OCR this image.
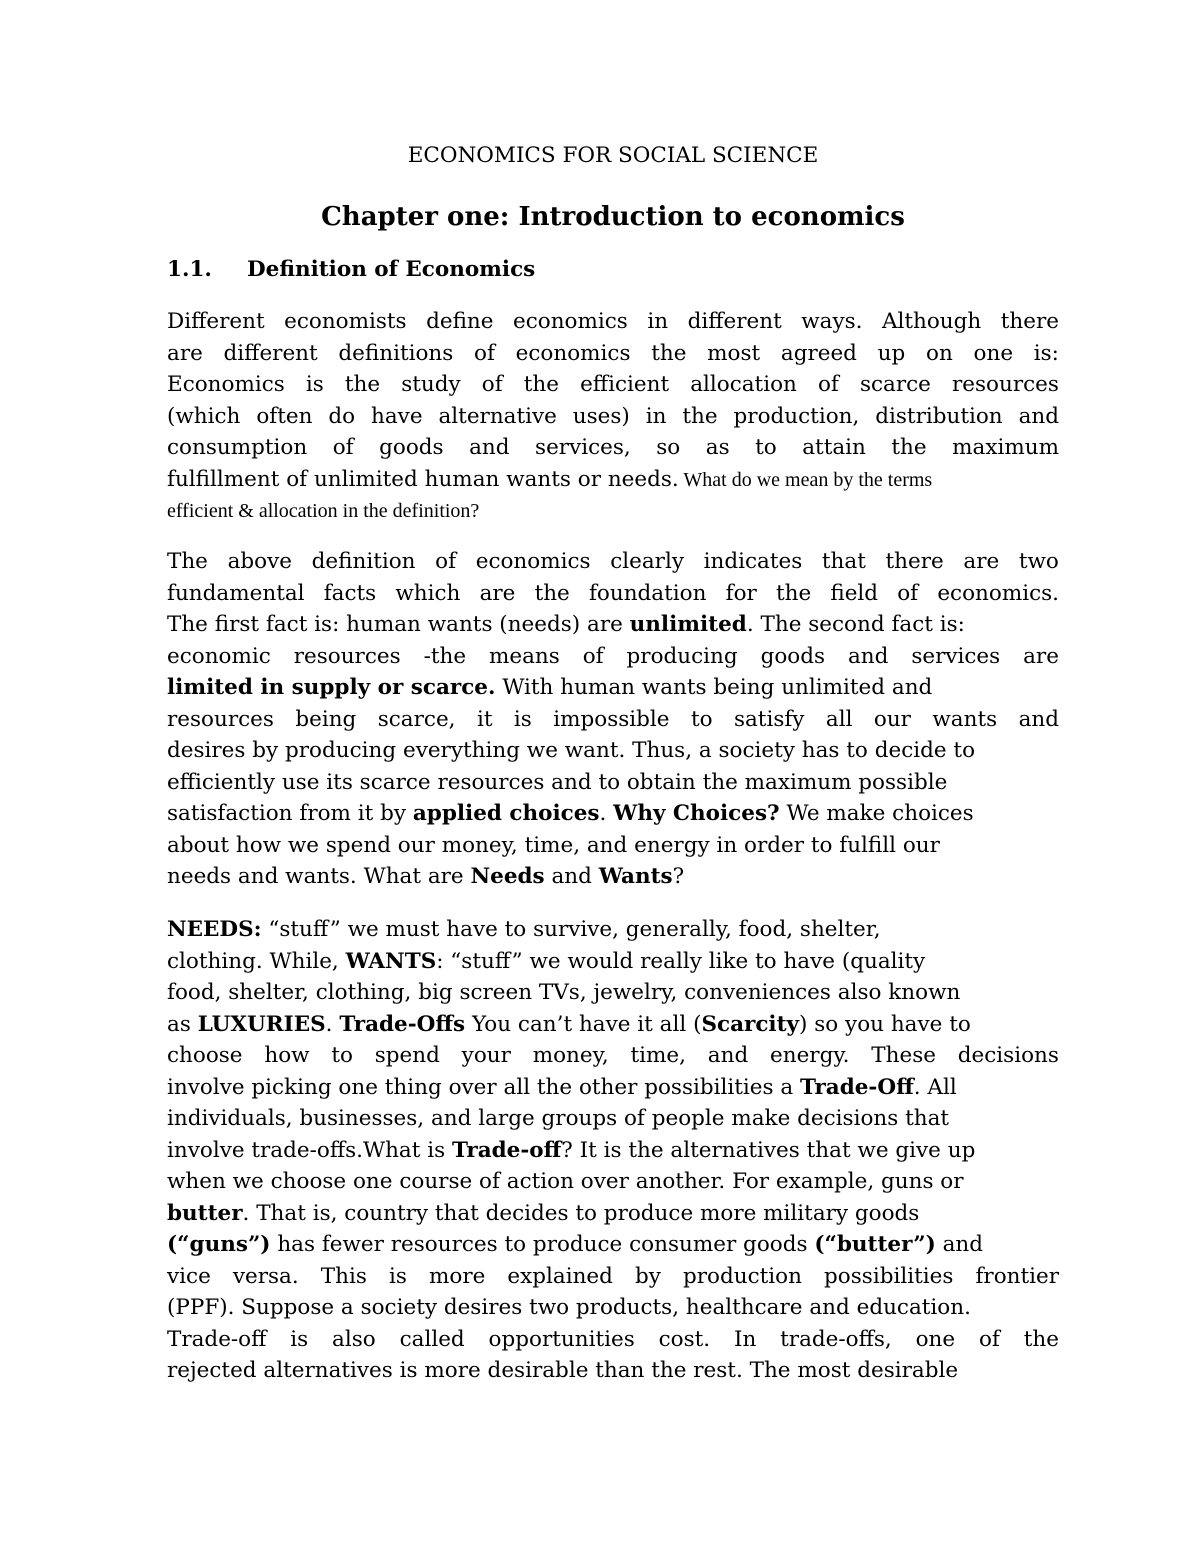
ECONOMICS FOR SOCIAL SCIENCE
Chapter one: Introduction to economics
1.1. Definition of Economics
Different economists define economics in different ways. Although there
are different definitions of economics the most agreed up on one is:
Economics is the study of the efficient allocation of scarce resources
(which often do have alternative uses) in the production, distribution and
consumption of goods and services, so as to attain the maximum
fulfillment of unlimited human wants or needs. What do we mean by the terms
efficient & allocation in the definition?
The above definition of economics clearly indicates that there are two
fundamental facts which are the foundation for the field of economics.
The first fact is: human wants (needs) are unlimited. The second fact is:
economic resources -the means of producing goods and services are
limited in supply or scarce. With human wants being unlimited and
resources being scarce, it is impossible to satisfy all our wants and
desires by producing everything we want. Thus, a society has to decide to
efficiently use its scarce resources and to obtain the maximum possible
satisfaction from it by applied choices. Why Choices? We make choices
about how we spend our money, time, and energy in order to fulfill our
needs and wants. What are Needs and Wants?
NEEDS: “stuff” we must have to survive, generally, food, shelter,
clothing. While, WANTS: “stuff” we would really like to have (quality
food, shelter, clothing, big screen TVs, jewelry, conveniences also known
as LUXURIES. Trade-Offs You can’t have it all (Scarcity) so you have to
choose how to spend your money, time, and energy. These decisions
involve picking one thing over all the other possibilities a Trade-Off. All
individuals, businesses, and large groups of people make decisions that
involve trade-offs.What is Trade-off? It is the alternatives that we give up
when we choose one course of action over another. For example, guns or
butter. That is, country that decides to produce more military goods
(“guns”) has fewer resources to produce consumer goods (“butter”) and
vice versa. This is more explained by production possibilities frontier
(PPF). Suppose a society desires two products, healthcare and education.
Trade-off is also called opportunities cost. In trade-offs, one of the
rejected alternatives is more desirable than the rest. The most desirable
